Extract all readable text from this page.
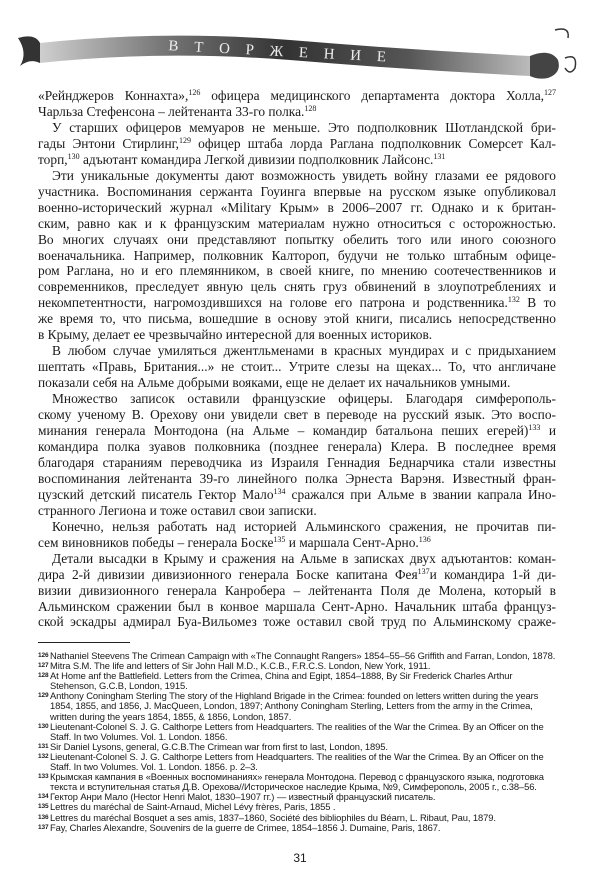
В Т О Р Ж Е Н И Е
«Рейнджеров Коннахта»,$^{126}$ офицера медицинского департамента доктора Холла,$^{127}$
Чарльза Стефенсона – лейтенанта 33-го полка.$^{128}$
У старших офицеров мемуаров не меньше. Это подполковник Шотландской бри-
гады Энтони Стирлинг,$^{129}$ офицер штаба лорда Раглана подполковник Сомерсет Кал-
торп,$^{130}$ адъютант командира Легкой дивизии подполковник Лайсонс.$^{131}$
Эти уникальные документы дают возможность увидеть войну глазами ее рядового
участника. Воспоминания сержанта Гоуинга впервые на русском языке опубликовал
военно-исторический журнал «Military Крым» в 2006–2007 гг. Однако и к британ-
ским, равно как и к французским материалам нужно относиться с осторожностью.
Во многих случаях они представляют попытку обелить того или иного союзного
военачальника. Например, полковник Калтороп, будучи не только штабным офице-
ром Раглана, но и его племянником, в своей книге, по мнению соотечественников и
современников, преследует явную цель снять груз обвинений в злоупотреблениях и
некомпетентности, нагромоздившихся на голове его патрона и родственника.$^{132}$ В то
же время то, что письма, вошедшие в основу этой книги, писались непосредственно
в Крыму, делает ее чрезвычайно интересной для военных историков.
В любом случае умиляться джентльменами в красных мундирах и с придыханием
шептать «Правь, Британия...» не стоит... Утрите слезы на щеках... То, что англичане
показали себя на Альме добрыми вояками, еще не делает их начальников умными.
Множество записок оставили французские офицеры. Благодаря симферополь-
скому ученому В. Орехову они увидели свет в переводе на русский язык. Это воспо-
минания генерала Монтодона (на Альме – командир батальона пеших егерей)$^{133}$ и
командира полка зуавов полковника (позднее генерала) Клера. В последнее время
благодаря стараниям переводчика из Израиля Геннадия Беднарчика стали известны
воспоминания лейтенанта 39-го линейного полка Эрнеста Варэня. Известный фран-
цузский детский писатель Гектор Мало$^{134}$ сражался при Альме в звании капрала Ино-
странного Легиона и тоже оставил свои записки.
Конечно, нельзя работать над историей Альминского сражения, не прочитав пи-
сем виновников победы – генерала Боске$^{135}$ и маршала Сент-Арно.$^{136}$
Детали высадки в Крыму и сражения на Альме в записках двух адъютантов: коман-
дира 2-й дивизии дивизионного генерала Боске капитана Фея$^{137}$и командира 1-й ди-
визии дивизионного генерала Канробера – лейтенанта Поля де Молена, который в
Альминском сражении был в конвое маршала Сент-Арно. Начальник штаба француз-
ской эскадры адмирал Буа-Вильомез тоже оставил свой труд по Альминскому сраже-
126 Nathaniel Steevens The Crimean Campaign with «The Connaught Rangers» 1854–55–56 Griffith and Farran, London, 1878.
127 Mitra S.M. The life and letters of Sir John Hall M.D., K.C.B., F.R.C.S. London, New York, 1911.
128 At Home anf the Battlefield. Letters from the Crimea, China and Egipt, 1854–1888, By Sir Frederick Charles Arthur Stehenson, G.C.B, London, 1915.
129 Anthony Coningham Sterling The story of the Highland Brigade in the Crimea: founded on letters written during the years 1854, 1855, and 1856, J. MacQueen, London, 1897; Anthony Coningham Sterling, Letters from the army in the Crimea, written during the years 1854, 1855, & 1856, London, 1857.
130 Lieutenant-Colonel S. J. G. Calthorpe Letters from Headquarters. The realities of the War the Crimea. By an Officer on the Staff. In two Volumes. Vol. 1. London. 1856.
131 Sir Daniel Lysons, general, G.C.B.The Crimean war from first to last, London, 1895.
132 Lieutenant-Colonel S. J. G. Calthorpe Letters from Headquarters. The realities of the War the Crimea. By an Officer on the Staff. In two Volumes. Vol. 1. London. 1856. p. 2–3.
133 Крымская кампания в «Военных воспоминаниях» генерала Монтодона. Перевод с французского языка, подготовка текста и вступительная статья Д.В. Орехова//Историческое наследие Крыма, №9, Симферополь, 2005 г., с.38–56.
134 Гектор Анри Мало (Hector Henri Malot, 1830–1907 гг.) — известный французский писатель.
135 Lettres du maréchal de Saint-Arnaud, Michel Lévy frères, Paris, 1855 .
136 Lettres du maréchal Bosquet a ses amis, 1837–1860, Société des bibliophiles du Béarn, L. Ribaut, Pau, 1879.
137 Fay, Charles Alexandre, Souvenirs de la guerre de Crimee, 1854–1856 J. Dumaine, Paris, 1867.
31
